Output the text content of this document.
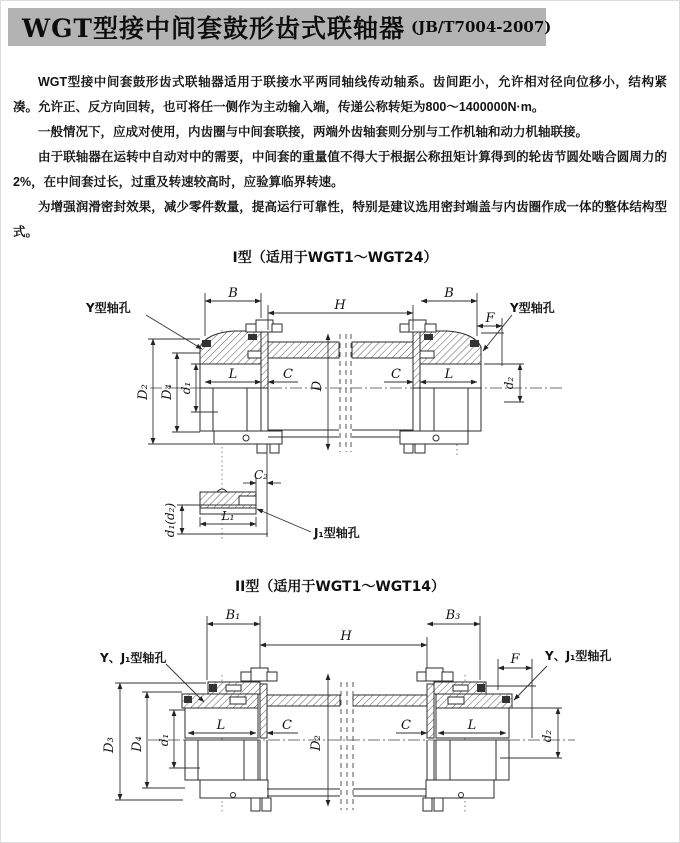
WGT型接中间套鼓形齿式联轴器 (JB/T7004-2007)

WGT型接中间套鼓形齿式联轴器适用于联接水平两同轴线传动轴系。齿间距小，允许相对径向位移小，结构紧凑。允许正、反方向回转，也可将任一侧作为主动输入端，传递公称转矩为800～1400000N·m。

一般情况下，应成对使用，内齿圈与中间套联接，两端外齿轴套则分别与工作机轴和动力机轴联接。

由于联轴器在运转中自动对中的需要，中间套的重量值不得大于根据公称扭矩计算得到的轮齿节圆处啮合圆周力的2%，在中间套过长，过重及转速较高时，应验算临界转速。

为增强润滑密封效果，减少零件数量，提高运行可靠性，特别是建议选用密封端盖与内齿圈作成一体的整体结构型式。

I型（适用于WGT1～WGT24）
B
H
B
F
D₂ D₄ d₁	D	d₂
L	C	C	L
Y型轴孔	Y型轴孔
C₂
L₁
d₁(d₂)	J₁型轴孔
II型（适用于WGT1～WGT14）
B₁
H
B₃
F
D₃ D₄ d₁	D₂	d₂
L	C	C	L
Y、J₁型轴孔	Y、J₁型轴孔
